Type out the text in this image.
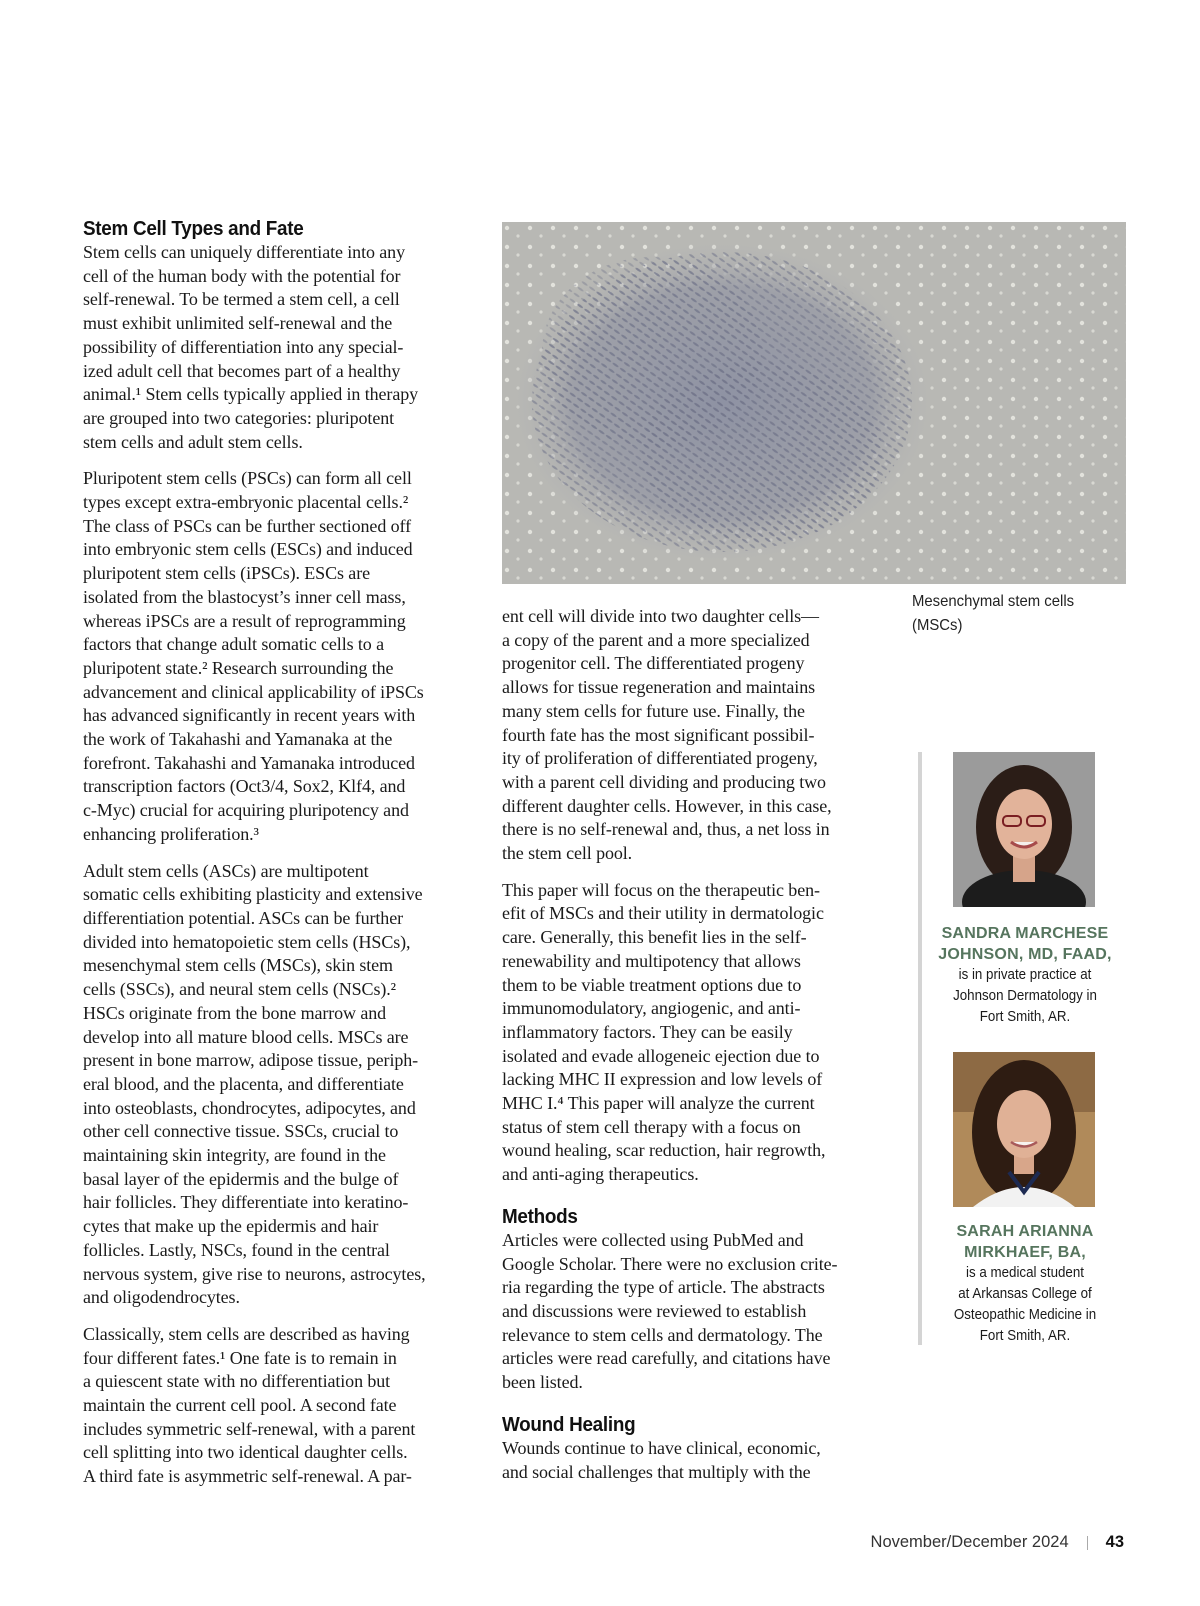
Stem Cell Types and Fate

Stem cells can uniquely differentiate into any
cell of the human body with the potential for
self-renewal. To be termed a stem cell, a cell
must exhibit unlimited self-renewal and the
possibility of differentiation into any special-
ized adult cell that becomes part of a healthy
animal.¹ Stem cells typically applied in therapy
are grouped into two categories: pluripotent
stem cells and adult stem cells.

Pluripotent stem cells (PSCs) can form all cell
types except extra-embryonic placental cells.²
The class of PSCs can be further sectioned off
into embryonic stem cells (ESCs) and induced
pluripotent stem cells (iPSCs). ESCs are
isolated from the blastocyst’s inner cell mass,
whereas iPSCs are a result of reprogramming
factors that change adult somatic cells to a
pluripotent state.² Research surrounding the
advancement and clinical applicability of iPSCs
has advanced significantly in recent years with
the work of Takahashi and Yamanaka at the
forefront. Takahashi and Yamanaka introduced
transcription factors (Oct3/4, Sox2, Klf4, and
c-Myc) crucial for acquiring pluripotency and
enhancing proliferation.³

Adult stem cells (ASCs) are multipotent
somatic cells exhibiting plasticity and extensive
differentiation potential. ASCs can be further
divided into hematopoietic stem cells (HSCs),
mesenchymal stem cells (MSCs), skin stem
cells (SSCs), and neural stem cells (NSCs).²
HSCs originate from the bone marrow and
develop into all mature blood cells. MSCs are
present in bone marrow, adipose tissue, periph-
eral blood, and the placenta, and differentiate
into osteoblasts, chondrocytes, adipocytes, and
other cell connective tissue. SSCs, crucial to
maintaining skin integrity, are found in the
basal layer of the epidermis and the bulge of
hair follicles. They differentiate into keratino-
cytes that make up the epidermis and hair
follicles. Lastly, NSCs, found in the central
nervous system, give rise to neurons, astrocytes,
and oligodendrocytes.

Classically, stem cells are described as having
four different fates.¹ One fate is to remain in
a quiescent state with no differentiation but
maintain the current cell pool. A second fate
includes symmetric self-renewal, with a parent
cell splitting into two identical daughter cells.
A third fate is asymmetric self-renewal. A par-

ent cell will divide into two daughter cells—
a copy of the parent and a more specialized
progenitor cell. The differentiated progeny
allows for tissue regeneration and maintains
many stem cells for future use. Finally, the
fourth fate has the most significant possibil-
ity of proliferation of differentiated progeny,
with a parent cell dividing and producing two
different daughter cells. However, in this case,
there is no self-renewal and, thus, a net loss in
the stem cell pool.

This paper will focus on the therapeutic ben-
efit of MSCs and their utility in dermatologic
care. Generally, this benefit lies in the self-
renewability and multipotency that allows
them to be viable treatment options due to
immunomodulatory, angiogenic, and anti-
inflammatory factors. They can be easily
isolated and evade allogeneic ejection due to
lacking MHC II expression and low levels of
MHC I.⁴ This paper will analyze the current
status of stem cell therapy with a focus on
wound healing, scar reduction, hair regrowth,
and anti-aging therapeutics.

Methods

Articles were collected using PubMed and
Google Scholar. There were no exclusion crite-
ria regarding the type of article. The abstracts
and discussions were reviewed to establish
relevance to stem cells and dermatology. The
articles were read carefully, and citations have
been listed.

Wound Healing

Wounds continue to have clinical, economic,
and social challenges that multiply with the

Mesenchymal stem cells
(MSCs)
SANDRA MARCHESE
JOHNSON, MD, FAAD,
is in private practice at
Johnson Dermatology in
Fort Smith, AR.
SARAH ARIANNA
MIRKHAEF, BA,
is a medical student
at Arkansas College of
Osteopathic Medicine in
Fort Smith, AR.
November/December 2024 43
